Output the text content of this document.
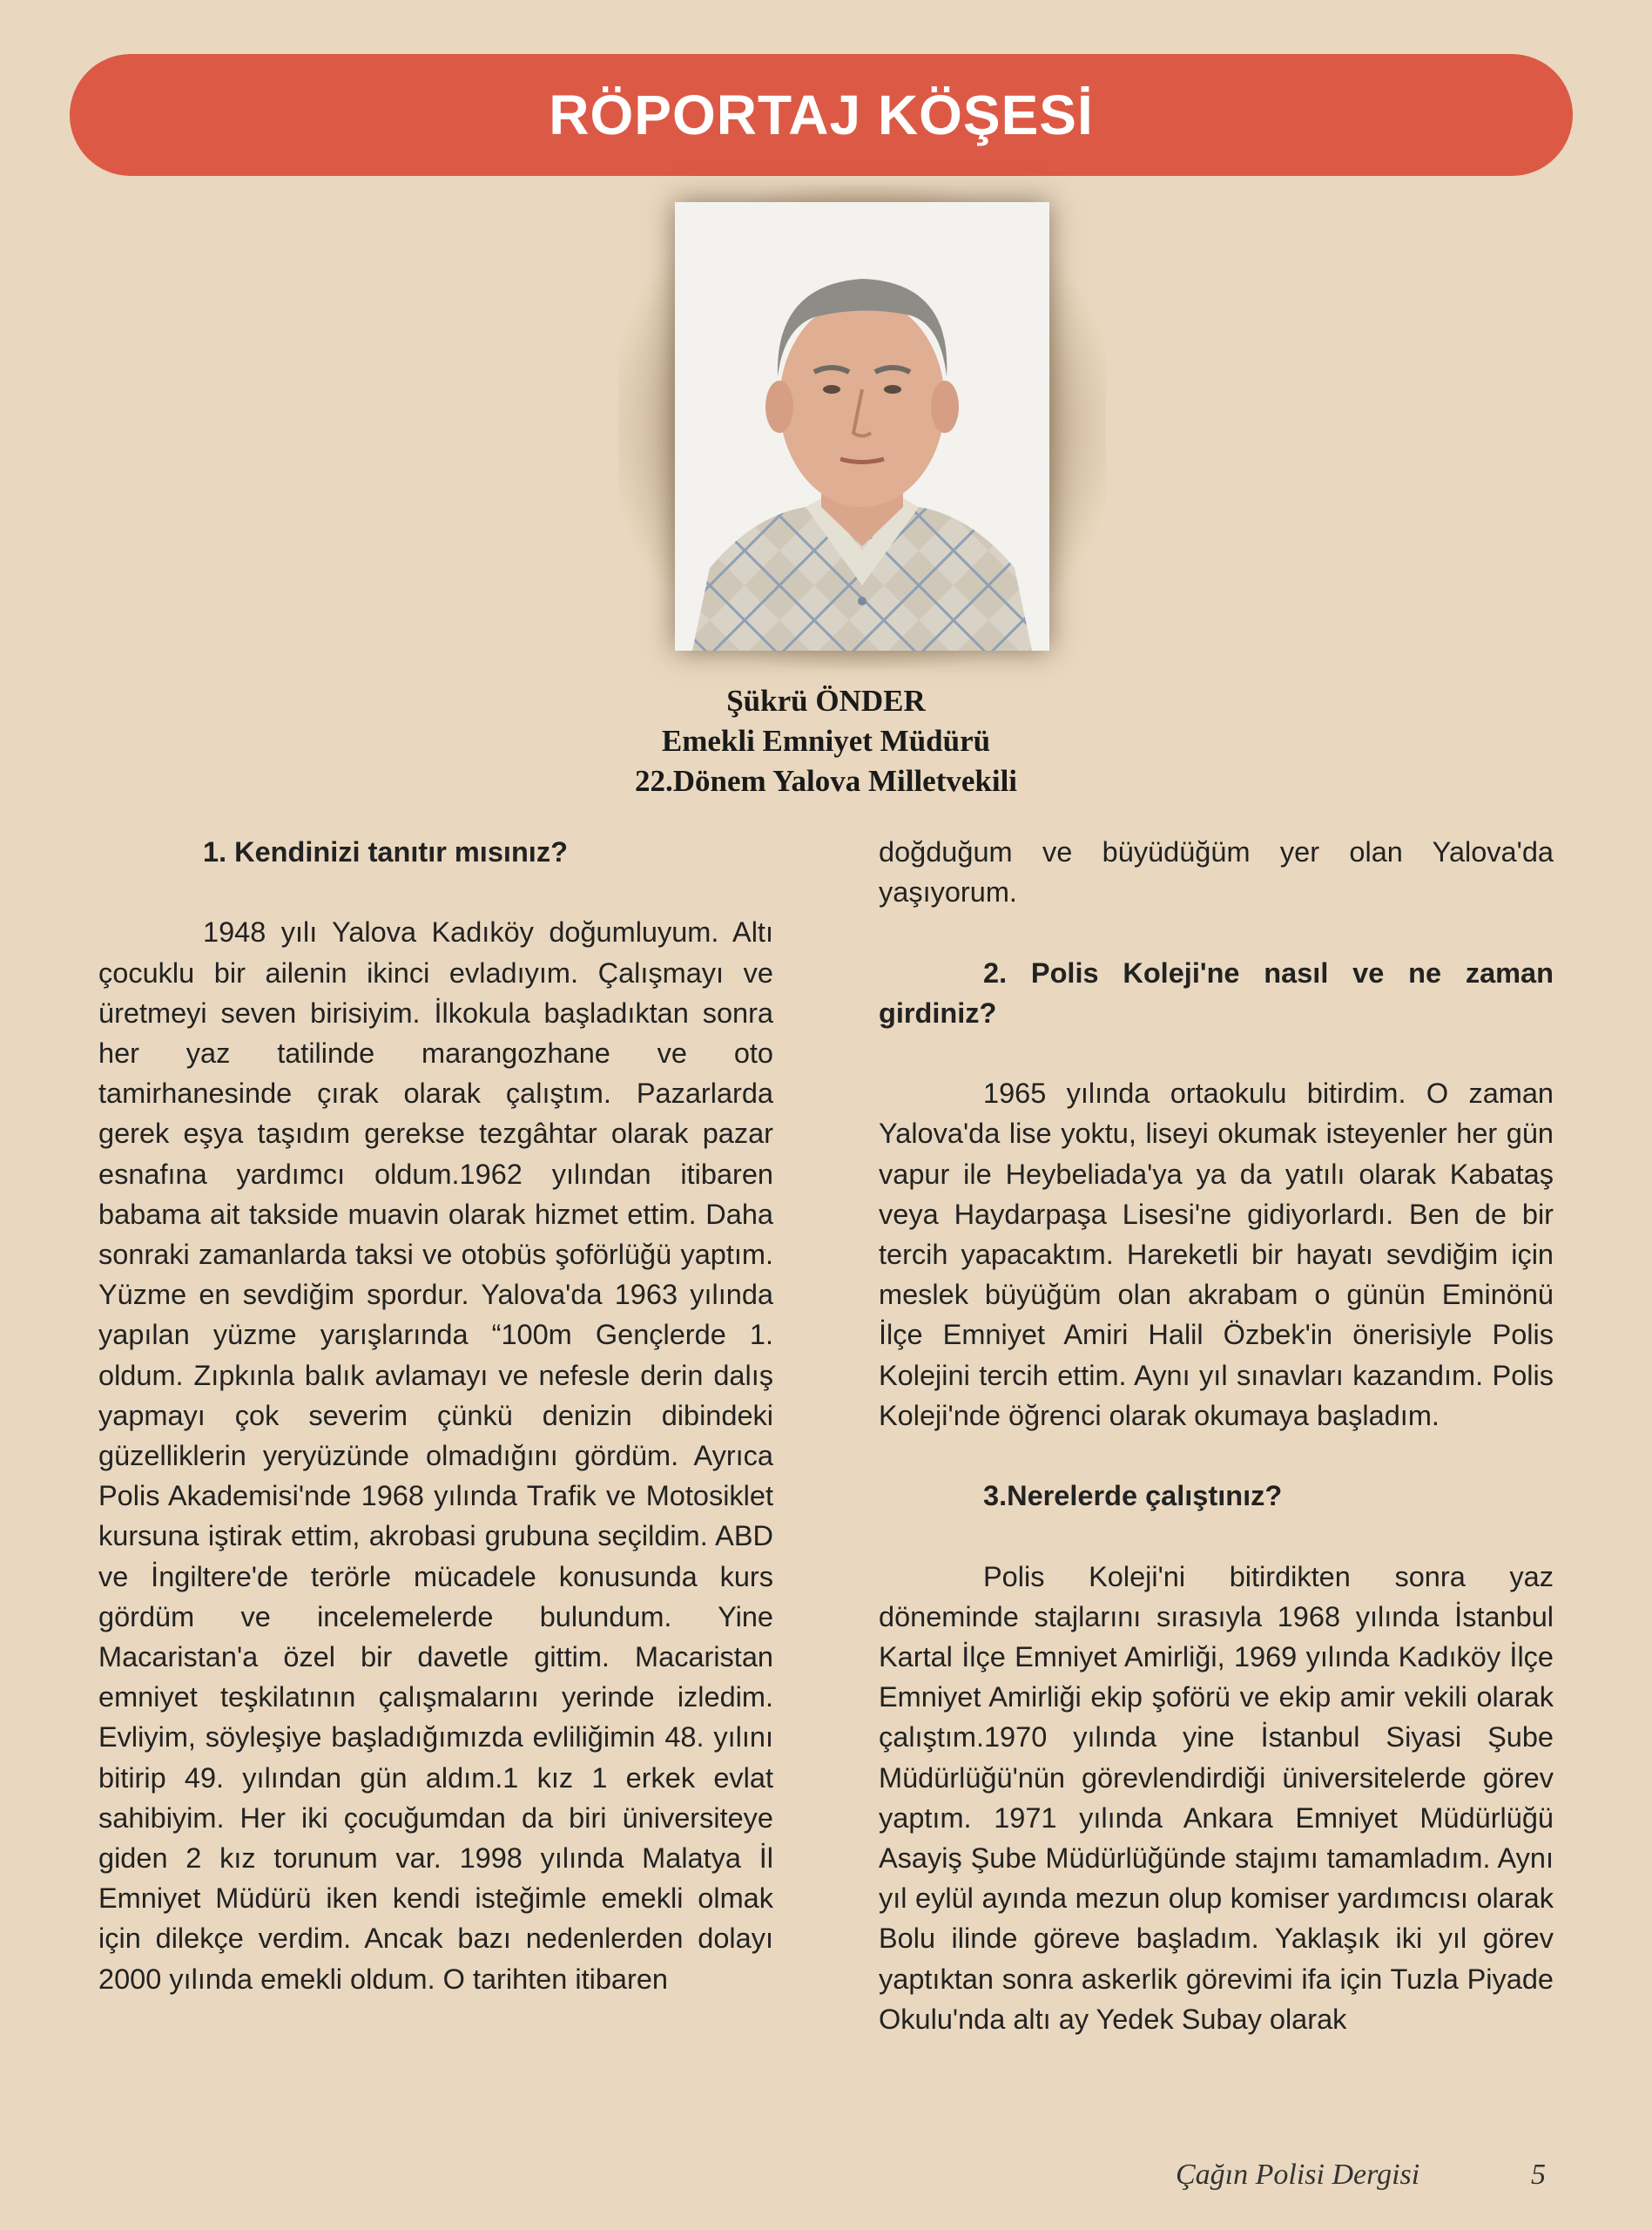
RÖPORTAJ KÖŞESİ
Şükrü ÖNDER
Emekli Emniyet Müdürü
22.Dönem Yalova Milletvekili

1. Kendinizi tanıtır mısınız?

1948 yılı Yalova Kadıköy doğumluyum. Altı çocuklu bir ailenin ikinci evladıyım. Çalışmayı ve üretmeyi seven birisiyim. İlkokula başladıktan sonra her yaz tatilinde marangozhane ve oto tamirhanesinde çırak olarak çalıştım. Pazarlarda gerek eşya taşıdım gerekse tezgâhtar olarak pazar esnafına yardımcı oldum.1962 yılından itibaren babama ait takside muavin olarak hizmet ettim. Daha sonraki zamanlarda taksi ve otobüs şoförlüğü yaptım. Yüzme en sevdiğim spordur. Yalova'da 1963 yılında yapılan yüzme yarışlarında “100m Gençlerde 1. oldum. Zıpkınla balık avlamayı ve nefesle derin dalış yapmayı çok severim çünkü denizin dibindeki güzelliklerin yeryüzünde olmadığını gördüm. Ayrıca Polis Akademisi'nde 1968 yılında Trafik ve Motosiklet kursuna iştirak ettim, akrobasi grubuna seçildim. ABD ve İngiltere'de terörle mücadele konusunda kurs gördüm ve incelemelerde bulundum. Yine Macaristan'a özel bir davetle gittim. Macaristan emniyet teşkilatının çalışmalarını yerinde izledim. Evliyim, söyleşiye başladığımızda evliliğimin 48. yılını bitirip 49. yılından gün aldım.1 kız 1 erkek evlat sahibiyim. Her iki çocuğumdan da biri üniversiteye giden 2 kız torunum var. 1998 yılında Malatya İl Emniyet Müdürü iken kendi isteğimle emekli olmak için dilekçe verdim. Ancak bazı nedenlerden dolayı 2000 yılında emekli oldum. O tarihten itibaren

doğduğum ve büyüdüğüm yer olan Yalova'da yaşıyorum.

2. Polis Koleji'ne nasıl ve ne zaman girdiniz?

1965 yılında ortaokulu bitirdim. O zaman Yalova'da lise yoktu, liseyi okumak isteyenler her gün vapur ile Heybeliada'ya ya da yatılı olarak Kabataş veya Haydarpaşa Lisesi'ne gidiyorlardı. Ben de bir tercih yapacaktım. Hareketli bir hayatı sevdiğim için meslek büyüğüm olan akrabam o günün Eminönü İlçe Emniyet Amiri Halil Özbek'in önerisiyle Polis Kolejini tercih ettim. Aynı yıl sınavları kazandım. Polis Koleji'nde öğrenci olarak okumaya başladım.

3.Nerelerde çalıştınız?

Polis Koleji'ni bitirdikten sonra yaz döneminde stajlarını sırasıyla 1968 yılında İstanbul Kartal İlçe Emniyet Amirliği, 1969 yılında Kadıköy İlçe Emniyet Amirliği ekip şoförü ve ekip amir vekili olarak çalıştım.1970 yılında yine İstanbul Siyasi Şube Müdürlüğü'nün görevlendirdiği üniversitelerde görev yaptım. 1971 yılında Ankara Emniyet Müdürlüğü Asayiş Şube Müdürlüğünde stajımı tamamladım. Aynı yıl eylül ayında mezun olup komiser yardımcısı olarak Bolu ilinde göreve başladım. Yaklaşık iki yıl görev yaptıktan sonra askerlik görevimi ifa için Tuzla Piyade Okulu'nda altı ay Yedek Subay olarak

Çağın Polisi Dergisi	5
